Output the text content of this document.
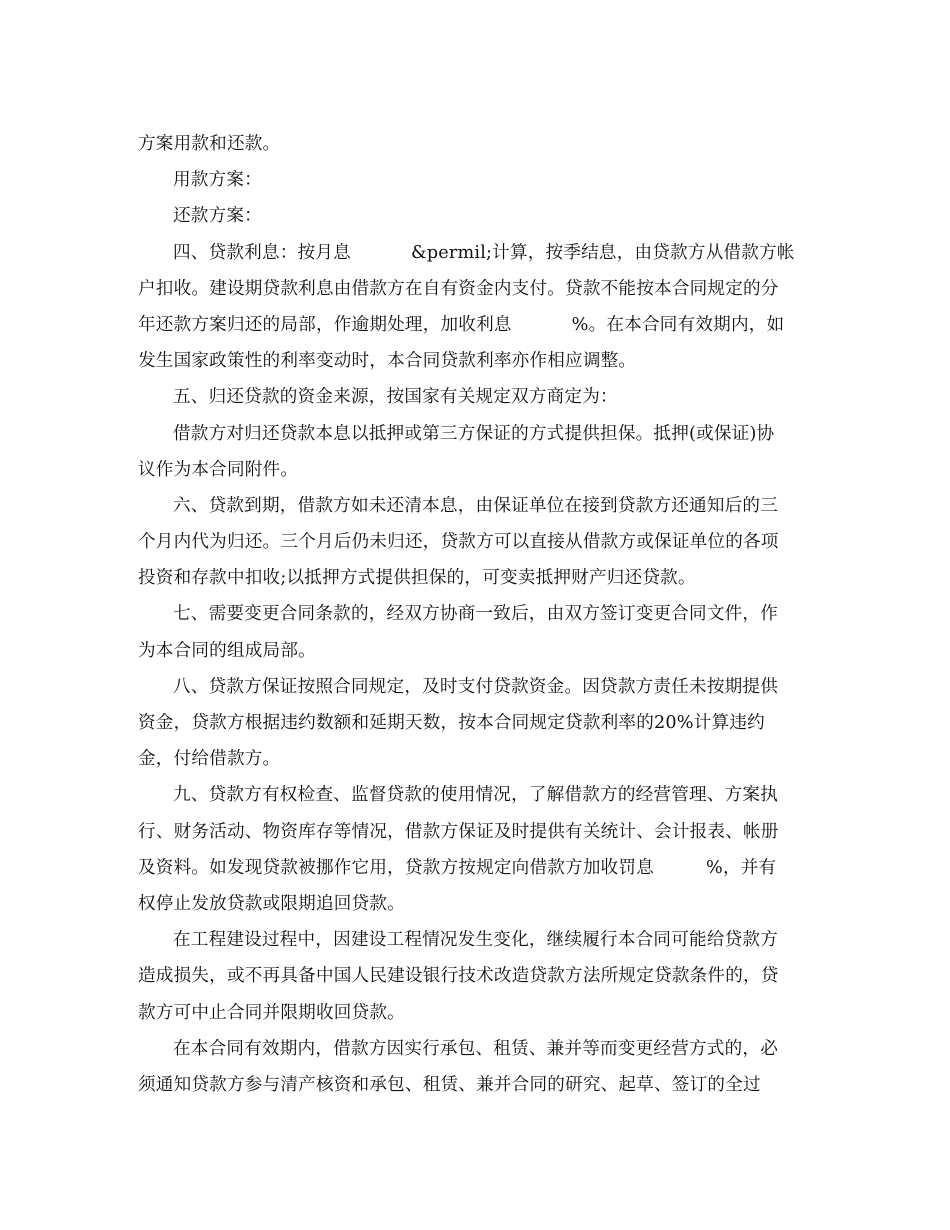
方案用款和还款。
用款方案：
还款方案：
四、贷款利息：按月息	&permil;计算，按季结息，由贷款方从借款方帐
户扣收。建设期贷款利息由借款方在自有资金内支付。贷款不能按本合同规定的分
年还款方案归还的局部，作逾期处理，加收利息	%。在本合同有效期内，如
发生国家政策性的利率变动时，本合同贷款利率亦作相应调整。
五、归还贷款的资金来源，按国家有关规定双方商定为：
借款方对归还贷款本息以抵押或第三方保证的方式提供担保。抵押(或保证)协
议作为本合同附件。
六、贷款到期，借款方如未还清本息，由保证单位在接到贷款方还通知后的三
个月内代为归还。三个月后仍未归还，贷款方可以直接从借款方或保证单位的各项
投资和存款中扣收;以抵押方式提供担保的，可变卖抵押财产归还贷款。
七、需要变更合同条款的，经双方协商一致后，由双方签订变更合同文件，作
为本合同的组成局部。
八、贷款方保证按照合同规定，及时支付贷款资金。因贷款方责任未按期提供
资金，贷款方根据违约数额和延期天数，按本合同规定贷款利率的20%计算违约
金，付给借款方。
九、贷款方有权检查、监督贷款的使用情况，了解借款方的经营管理、方案执
行、财务活动、物资库存等情况，借款方保证及时提供有关统计、会计报表、帐册
及资料。如发现贷款被挪作它用，贷款方按规定向借款方加收罚息	%，并有
权停止发放贷款或限期追回贷款。
在工程建设过程中，因建设工程情况发生变化，继续履行本合同可能给贷款方
造成损失，或不再具备中国人民建设银行技术改造贷款方法所规定贷款条件的，贷
款方可中止合同并限期收回贷款。
在本合同有效期内，借款方因实行承包、租赁、兼并等而变更经营方式的，必
须通知贷款方参与清产核资和承包、租赁、兼并合同的研究、起草、签订的全过
